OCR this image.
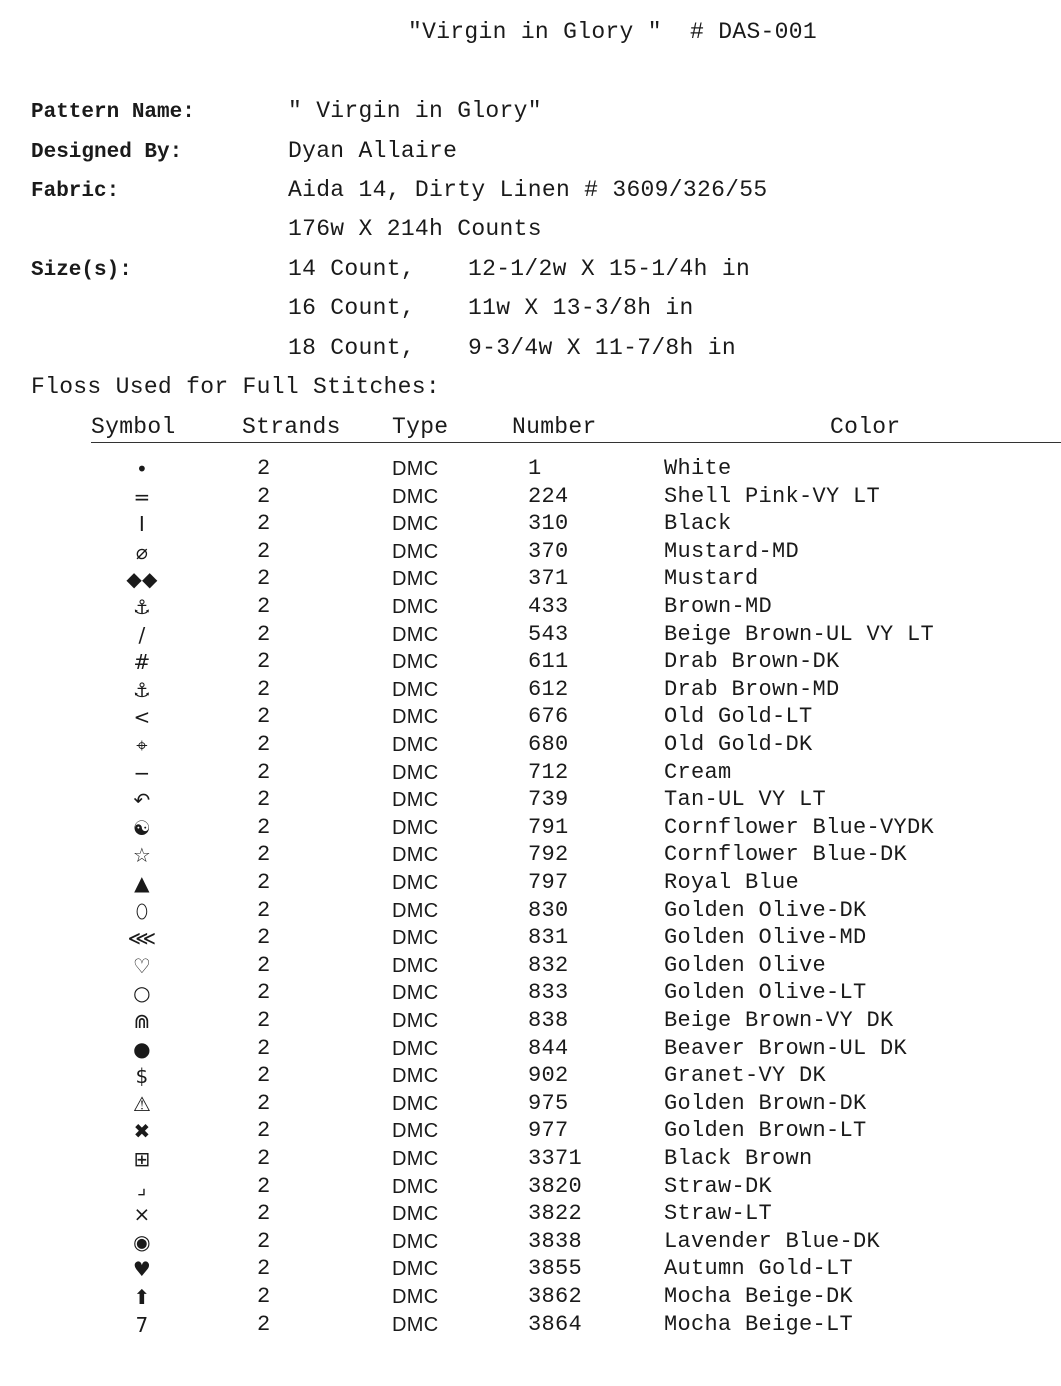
"Virgin in Glory "  # DAS-001
Pattern Name:	" Virgin in Glory"
Designed By:	Dyan Allaire
Fabric:	Aida 14, Dirty Linen # 3609/326/55
176w X 214h Counts
Size(s):	14 Count, 12-1/2w X 15-1/4h in
16 Count, 11w X 13-3/8h in
18 Count, 9-3/4w X 11-7/8h in
Floss Used for Full Stitches:
Symbol	Strands Type	Number	Color
•	2	DMC	1	White
=	2	DMC	224	Shell Pink-VY LT
I	2	DMC	310	Black
⌀	2	DMC	370	Mustard-MD
◆◆	2	DMC	371	Mustard
⚓	2	DMC	433	Brown-MD
/	2	DMC	543	Beige Brown-UL VY LT
#	2	DMC	611	Drab Brown-DK
⚓	2	DMC	612	Drab Brown-MD
<	2	DMC	676	Old Gold-LT
⌖	2	DMC	680	Old Gold-DK
−	2	DMC	712	Cream
↶	2	DMC	739	Tan-UL VY LT
☯	2	DMC	791	Cornflower Blue-VYDK
☆	2	DMC	792	Cornflower Blue-DK
▲	2	DMC	797	Royal Blue
⬯	2	DMC	830	Golden Olive-DK
⋘	2	DMC	831	Golden Olive-MD
♡	2	DMC	832	Golden Olive
○	2	DMC	833	Golden Olive-LT
⋒	2	DMC	838	Beige Brown-VY DK
●	2	DMC	844	Beaver Brown-UL DK
$	2	DMC	902	Granet-VY DK
⚠	2	DMC	975	Golden Brown-DK
✖	2	DMC	977	Golden Brown-LT
⊞	2	DMC	3371	Black Brown
⌟	2	DMC	3820	Straw-DK
⨯	2	DMC	3822	Straw-LT
◉	2	DMC	3838	Lavender Blue-DK
♥	2	DMC	3855	Autumn Gold-LT
⬆	2	DMC	3862	Mocha Beige-DK
7	2	DMC	3864	Mocha Beige-LT
